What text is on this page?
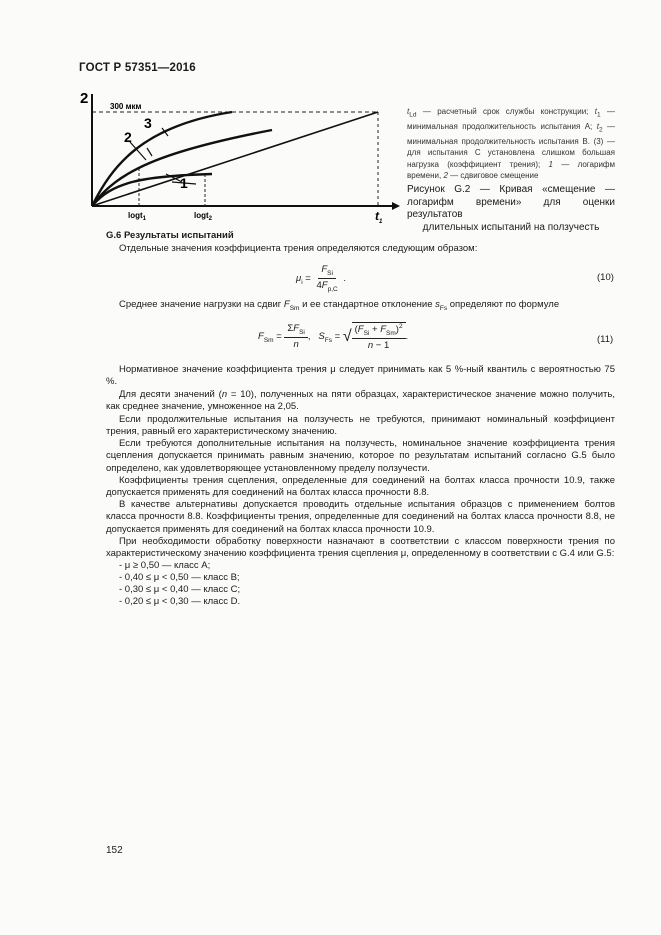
ГОСТ Р 57351—2016
2	300 мкм
1
2
3
logt$_1$	logt$_2$	$t_1$
$t_{Ld}$ — расчетный срок службы конструкции; $t_1$ — минимальная продолжительность испытания А; $t_2$ — минимальная продолжительность испытания В. (3) — для испытания С установлена слишком большая нагрузка (коэффициент трения); 1 — логарифм времени, 2 — сдвиговое смещение
Рисунок G.2 — Кривая «смещение — логарифм времени» для оценки результатов
длительных испытаний на ползучесть
G.6 Результаты испытаний
Отдельные значения коэффициента трения определяются следующим образом:
$\mu_i = \frac{F_{Si}}{4F_{p,C}}$ .	(10)
Среднее значение нагрузки на сдвиг $F_{Sm}$ и ее стандартное отклонение $s_{Fs}$ определяют по формуле
$F_{Sm} = \frac{\Sigma F_{Si}}{n}$ ,   $S_{Fs}$ = √ $\frac{(F_{Si} + F_{Sm})^2}{n - 1}$ .	(11)
Нормативное значение коэффициента трения μ следует принимать как 5 %-ный квантиль с вероятностью 75 %.
Для десяти значений (n = 10), полученных на пяти образцах, характеристическое значение можно получить, как среднее значение, умноженное на 2,05.
Если продолжительные испытания на ползучесть не требуются, принимают номинальный коэффициент трения, равный его характеристическому значению.
Если требуются дополнительные испытания на ползучесть, номинальное значение коэффициента трения сцепления допускается принимать равным значению, которое по результатам испытаний согласно G.5 было определено, как удовлетворяющее установленному пределу ползучести.
Коэффициенты трения сцепления, определенные для соединений на болтах класса прочности 10.9, также допускается применять для соединений на болтах класса прочности 8.8.
В качестве альтернативы допускается проводить отдельные испытания образцов с применением болтов класса прочности 8.8. Коэффициенты трения, определенные для соединений на болтах класса прочности 8.8, не допускается применять для соединений на болтах класса прочности 10.9.
При необходимости обработку поверхности назначают в соответствии с классом поверхности трения по характеристическому значению коэффициента трения сцепления μ, определенному в соответствии с G.4 или G.5:
- μ ≥ 0,50 — класс А;
- 0,40 ≤ μ < 0,50 — класс В;
- 0,30 ≤ μ < 0,40 — класс С;
- 0,20 ≤ μ < 0,30 — класс D.
152
